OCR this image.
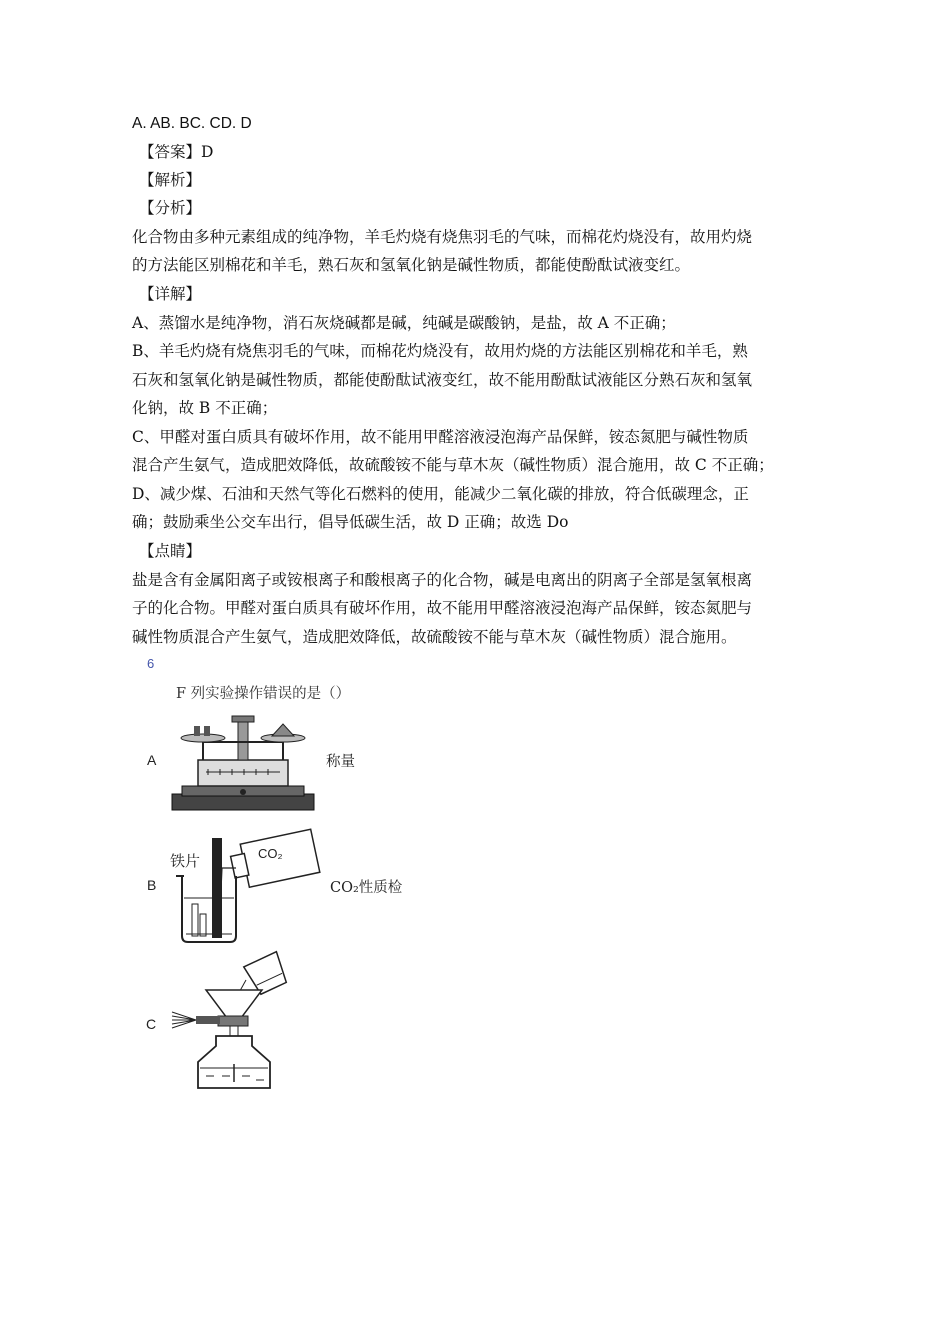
A. AB. BC. CD. D
【答案】D
【解析】
【分析】
化合物由多种元素组成的纯净物，羊毛灼烧有烧焦羽毛的气味，而棉花灼烧没有，故用灼烧
的方法能区别棉花和羊毛，熟石灰和氢氧化钠是碱性物质，都能使酚酞试液变红。
【详解】
A、蒸馏水是纯净物，消石灰烧碱都是碱，纯碱是碳酸钠，是盐，故 A 不正确；
B、羊毛灼烧有烧焦羽毛的气味，而棉花灼烧没有，故用灼烧的方法能区别棉花和羊毛，熟
石灰和氢氧化钠是碱性物质，都能使酚酞试液变红，故不能用酚酞试液能区分熟石灰和氢氧
化钠，故 B 不正确；
C、甲醛对蛋白质具有破坏作用，故不能用甲醛溶液浸泡海产品保鲜，铵态氮肥与碱性物质
混合产生氨气，造成肥效降低，故硫酸铵不能与草木灰（碱性物质）混合施用，故 C 不正确；
D、减少煤、石油和天然气等化石燃料的使用，能减少二氧化碳的排放，符合低碳理念，正
确；鼓励乘坐公交车出行，倡导低碳生活，故 D 正确；故选 Do
【点睛】
盐是含有金属阳离子或铵根离子和酸根离子的化合物，碱是电离出的阴离子全部是氢氧根离
子的化合物。甲醛对蛋白质具有破坏作用，故不能用甲醛溶液浸泡海产品保鲜，铵态氮肥与
碱性物质混合产生氨气，造成肥效降低，故硫酸铵不能与草木灰（碱性物质）混合施用。
6
F 列实验操作错误的是（）
A	称量
B
铁片	CO₂
CO₂性质检
C
